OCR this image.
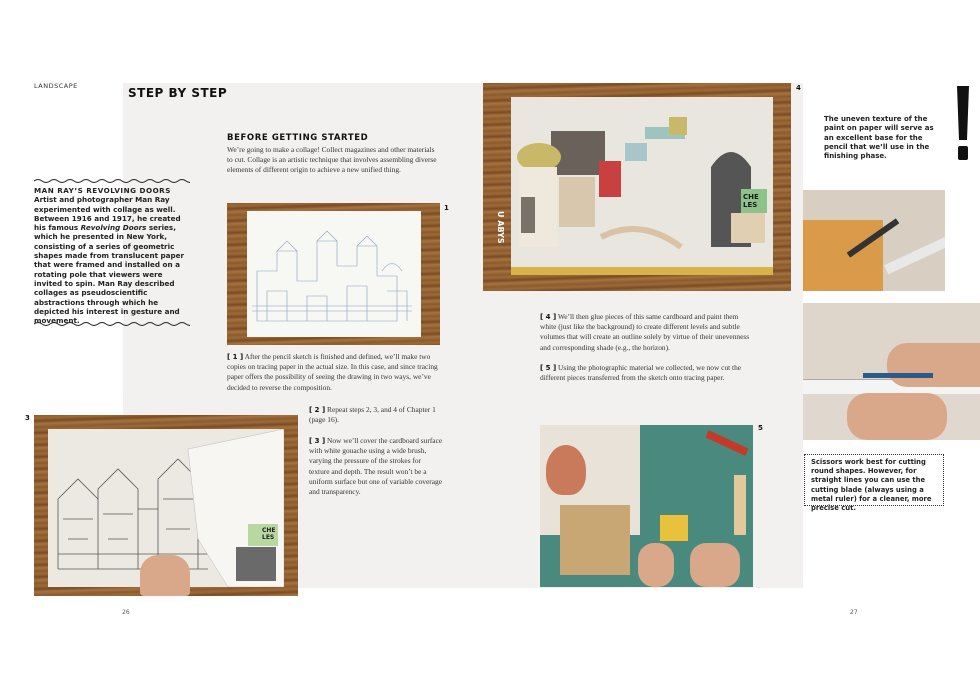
LANDSCAPE	STEP BY STEP
BEFORE GETTING STARTED
We’re going to make a collage! Collect magazines and other materials to cut. Collage is an artistic technique that involves assembling diverse elements of different origin to achieve a new unified thing.
MAN RAY’S REVOLVING DOORS
Artist and photographer Man Ray experimented with collage as well. Between 1916 and 1917, he created his famous Revolving Doors series, which he presented in New York, consisting of a series of geometric shapes made from translucent paper that were framed and installed on a rotating pole that viewers were invited to spin. Man Ray described collages as pseudoscientific abstractions through which he depicted his interest in gesture and movement.
1
[ 1 ] After the pencil sketch is finished and defined, we’ll make two copies on tracing paper in the actual size. In this case, and since tracing paper offers the possibility of seeing the drawing in two ways, we’ve decided to reverse the composition.
[ 2 ] Repeat steps 2, 3, and 4 of Chapter 1 (page 16).
[ 3 ] Now we’ll cover the cardboard surface with white gouache using a wide brush, varying the pressure of the strokes for texture and depth. The result won’t be a uniform surface but one of variable coverage and transparency.
3
CHE
LES
CHE
LES
U ABYS
4
[ 4 ] We’ll then glue pieces of this same cardboard and paint them white (just like the background) to create different levels and subtle volumes that will create an outline solely by virtue of their unevenness and corresponding shade (e.g., the horizon).
[ 5 ] Using the photographic material we collected, we now cut the different pieces transferred from the sketch onto tracing paper.
5
The uneven texture of the paint on paper will serve as an excellent base for the pencil that we’ll use in the finishing phase.
Scissors work best for cutting round shapes. However, for straight lines you can use the cutting blade (always using a metal ruler) for a cleaner, more precise cut.
26	27
